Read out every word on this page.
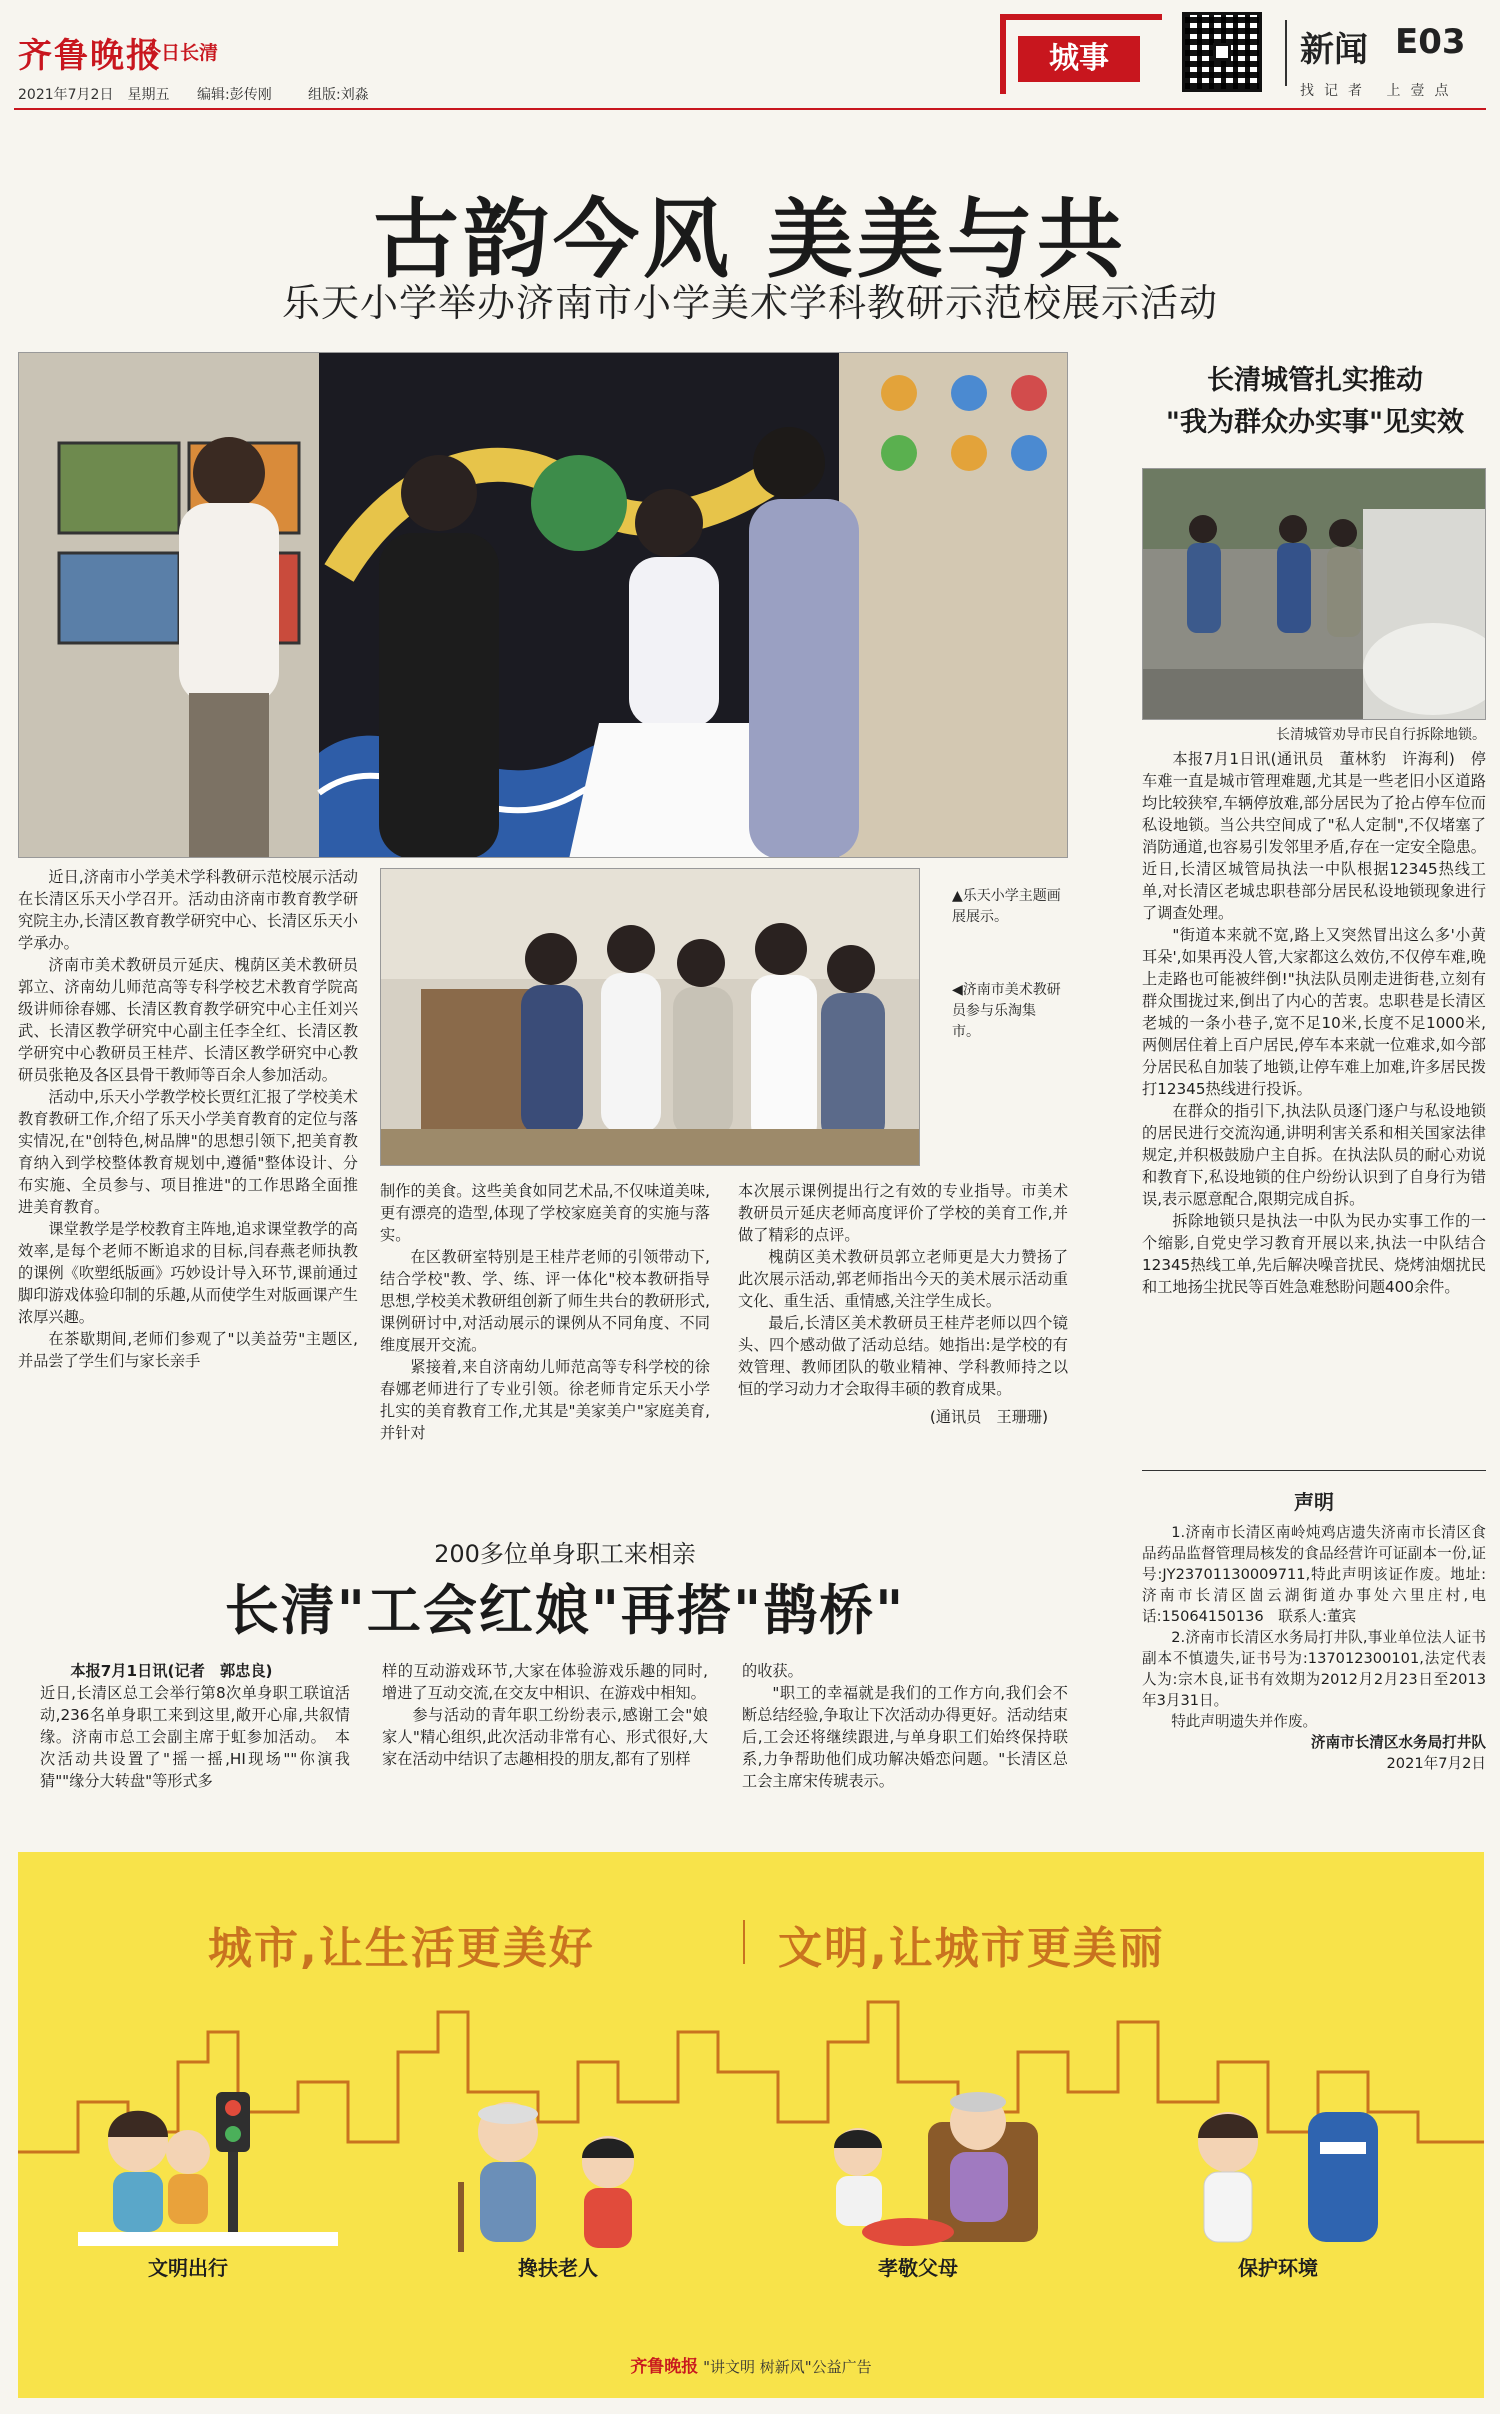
齐鲁晚报
今日长清
2021年7月2日　星期五 编辑:彭传刚	组版:刘淼
城事	新闻 E03
找记者 上壹点
古韵今风 美美与共
乐天小学举办济南市小学美术学科教研示范校展示活动
▲乐天小学主题画展展示。
◀济南市美术教研员参与乐淘集市。

近日,济南市小学美术学科教研示范校展示活动在长清区乐天小学召开。活动由济南市教育教学研究院主办,长清区教育教学研究中心、长清区乐天小学承办。

济南市美术教研员亓延庆、槐荫区美术教研员郭立、济南幼儿师范高等专科学校艺术教育学院高级讲师徐春娜、长清区教育教学研究中心主任刘兴武、长清区教学研究中心副主任李全红、长清区教学研究中心教研员王桂芹、长清区教学研究中心教研员张艳及各区县骨干教师等百余人参加活动。

活动中,乐天小学教学校长贾红汇报了学校美术教育教研工作,介绍了乐天小学美育教育的定位与落实情况,在"创特色,树品牌"的思想引领下,把美育教育纳入到学校整体教育规划中,遵循"整体设计、分布实施、全员参与、项目推进"的工作思路全面推进美育教育。

课堂教学是学校教育主阵地,追求课堂教学的高效率,是每个老师不断追求的目标,闫春燕老师执教的课例《吹塑纸版画》巧妙设计导入环节,课前通过脚印游戏体验印制的乐趣,从而使学生对版画课产生浓厚兴趣。

在茶歇期间,老师们参观了"以美益劳"主题区,并品尝了学生们与家长亲手

制作的美食。这些美食如同艺术品,不仅味道美味,更有漂亮的造型,体现了学校家庭美育的实施与落实。

在区教研室特别是王桂芹老师的引领带动下,结合学校"教、学、练、评一体化"校本教研指导思想,学校美术教研组创新了师生共台的教研形式,课例研讨中,对活动展示的课例从不同角度、不同维度展开交流。

紧接着,来自济南幼儿师范高等专科学校的徐春娜老师进行了专业引领。徐老师肯定乐天小学扎实的美育教育工作,尤其是"美家美户"家庭美育,并针对

本次展示课例提出行之有效的专业指导。市美术教研员亓延庆老师高度评价了学校的美育工作,并做了精彩的点评。

槐荫区美术教研员郭立老师更是大力赞扬了此次展示活动,郭老师指出今天的美术展示活动重文化、重生活、重情感,关注学生成长。

最后,长清区美术教研员王桂芹老师以四个镜头、四个感动做了活动总结。她指出:是学校的有效管理、教师团队的敬业精神、学科教师持之以恒的学习动力才会取得丰硕的教育成果。

(通讯员　王珊珊)
长清城管扎实推动
"我为群众办实事"见实效
长清城管劝导市民自行拆除地锁。

本报7月1日讯(通讯员　董林豹　许海利)　停车难一直是城市管理难题,尤其是一些老旧小区道路均比较狭窄,车辆停放难,部分居民为了抢占停车位而私设地锁。当公共空间成了"私人定制",不仅堵塞了消防通道,也容易引发邻里矛盾,存在一定安全隐患。近日,长清区城管局执法一中队根据12345热线工单,对长清区老城忠职巷部分居民私设地锁现象进行了调查处理。

"街道本来就不宽,路上又突然冒出这么多'小黄耳朵',如果再没人管,大家都这么效仿,不仅停车难,晚上走路也可能被绊倒!"执法队员刚走进街巷,立刻有群众围拢过来,倒出了内心的苦衷。忠职巷是长清区老城的一条小巷子,宽不足10米,长度不足1000米,两侧居住着上百户居民,停车本来就一位难求,如今部分居民私自加装了地锁,让停车难上加难,许多居民拨打12345热线进行投诉。

在群众的指引下,执法队员逐门逐户与私设地锁的居民进行交流沟通,讲明利害关系和相关国家法律规定,并积极鼓励户主自拆。在执法队员的耐心劝说和教育下,私设地锁的住户纷纷认识到了自身行为错误,表示愿意配合,限期完成自拆。

拆除地锁只是执法一中队为民办实事工作的一个缩影,自党史学习教育开展以来,执法一中队结合12345热线工单,先后解决噪音扰民、烧烤油烟扰民和工地扬尘扰民等百姓急难愁盼问题400余件。

声明

1.济南市长清区南岭炖鸡店遗失济南市长清区食品药品监督管理局核发的食品经营许可证副本一份,证号:JY23701130009711,特此声明该证作废。地址:济南市长清区崮云湖街道办事处六里庄村,电话:15064150136　联系人:董宾

2.济南市长清区水务局打井队,事业单位法人证书副本不慎遗失,证书号为:137012300101,法定代表人为:宗木良,证书有效期为2012月2月23日至2013年3月31日。

特此声明遗失并作废。

济南市长清区水务局打井队

2021年7月2日

200多位单身职工来相亲
长清"工会红娘"再搭"鹊桥"

本报7月1日讯(记者　郭忠良)

近日,长清区总工会举行第8次单身职工联谊活动,236名单身职工来到这里,敞开心扉,共叙情缘。济南市总工会副主席于虹参加活动。　本次活动共设置了"摇一摇,HI现场""你演我猜""缘分大转盘"等形式多

样的互动游戏环节,大家在体验游戏乐趣的同时,增进了互动交流,在交友中相识、在游戏中相知。

参与活动的青年职工纷纷表示,感谢工会"娘家人"精心组织,此次活动非常有心、形式很好,大家在活动中结识了志趣相投的朋友,都有了别样

的收获。

"职工的幸福就是我们的工作方向,我们会不断总结经验,争取让下次活动办得更好。活动结束后,工会还将继续跟进,与单身职工们始终保持联系,力争帮助他们成功解决婚恋问题。"长清区总工会主席宋传琥表示。

城市,让生活更美好	文明,让城市更美丽
文明出行	搀扶老人	孝敬父母	保护环境
齐鲁晚报 "讲文明 树新风"公益广告
